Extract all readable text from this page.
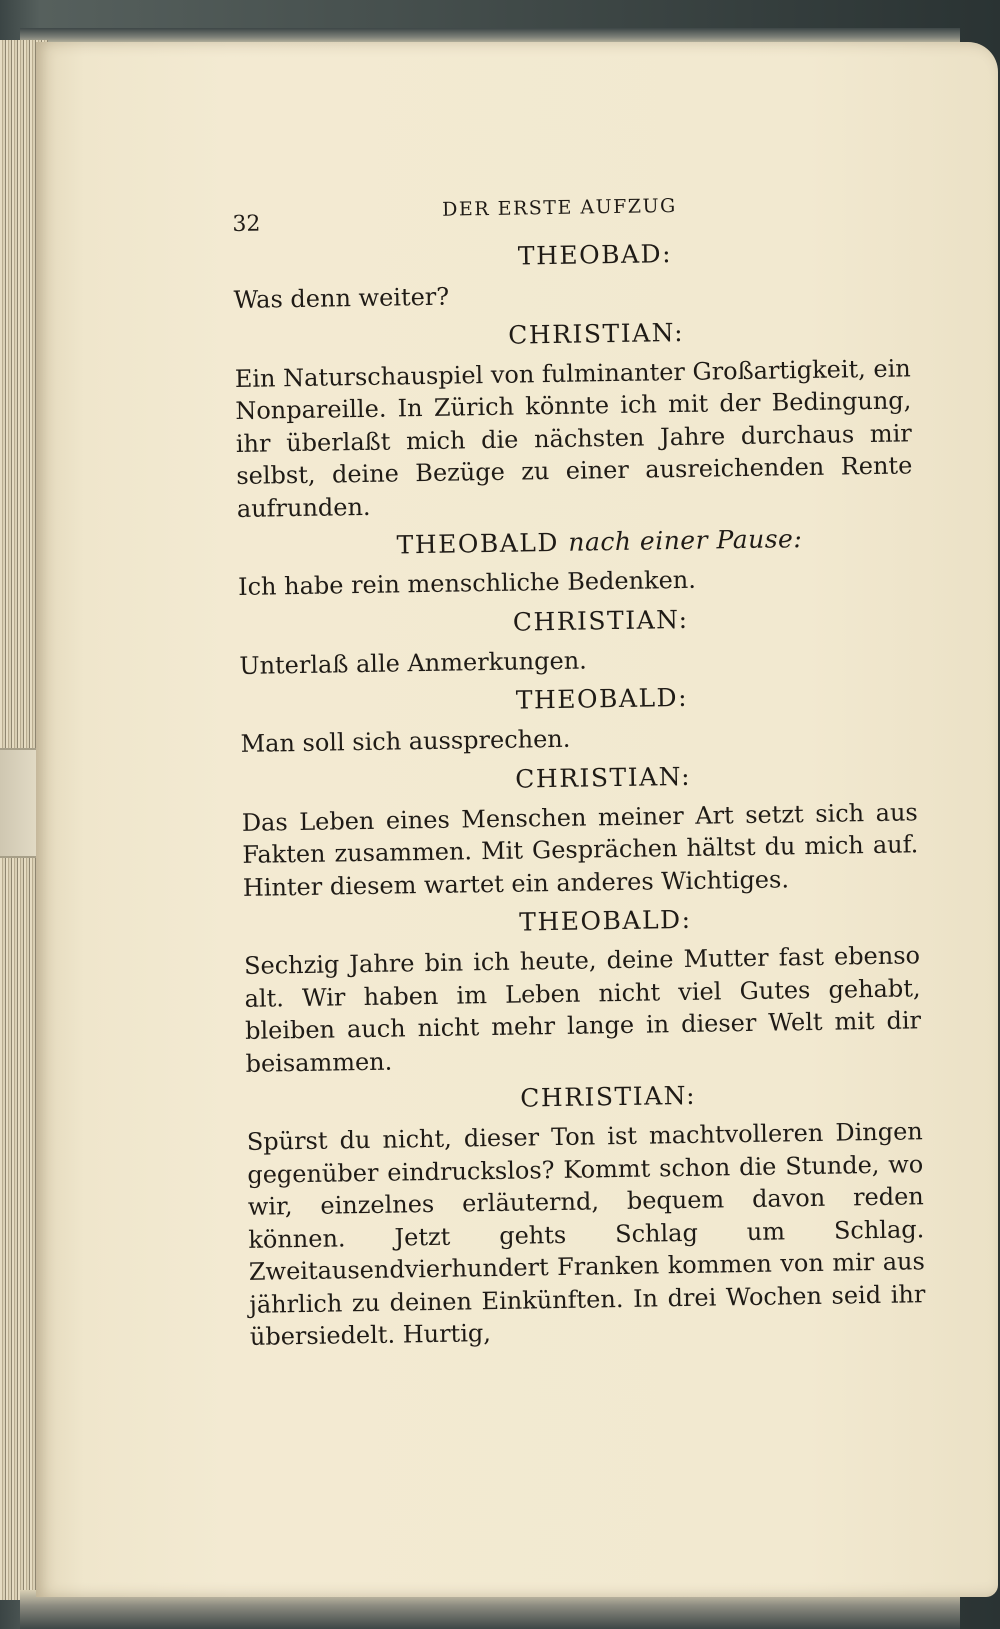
32
DER ERSTE AUFZUG
THEOBAD:

Was denn weiter?

CHRISTIAN:

Ein Naturschauspiel von fulminanter Großartigkeit, ein Nonpareille. In Zürich könnte ich mit der Bedingung, ihr überlaßt mich die nächsten Jahre durchaus mir selbst, deine Bezüge zu einer ausreichenden Rente aufrunden.

THEOBALD nach einer Pause:

Ich habe rein menschliche Bedenken.

CHRISTIAN:

Unterlaß alle Anmerkungen.

THEOBALD:

Man soll sich aussprechen.

CHRISTIAN:

Das Leben eines Menschen meiner Art setzt sich aus Fakten zusammen. Mit Gesprächen hältst du mich auf. Hinter diesem wartet ein anderes Wichtiges.

THEOBALD:

Sechzig Jahre bin ich heute, deine Mutter fast ebenso alt. Wir haben im Leben nicht viel Gutes gehabt, bleiben auch nicht mehr lange in dieser Welt mit dir beisammen.

CHRISTIAN:

Spürst du nicht, dieser Ton ist machtvolleren Dingen gegenüber eindruckslos? Kommt schon die Stunde, wo wir, einzelnes erläuternd, bequem davon reden können. Jetzt gehts Schlag um Schlag. Zweitausendvierhundert Franken kommen von mir aus jährlich zu deinen Einkünften. In drei Wochen seid ihr übersiedelt. Hurtig,
